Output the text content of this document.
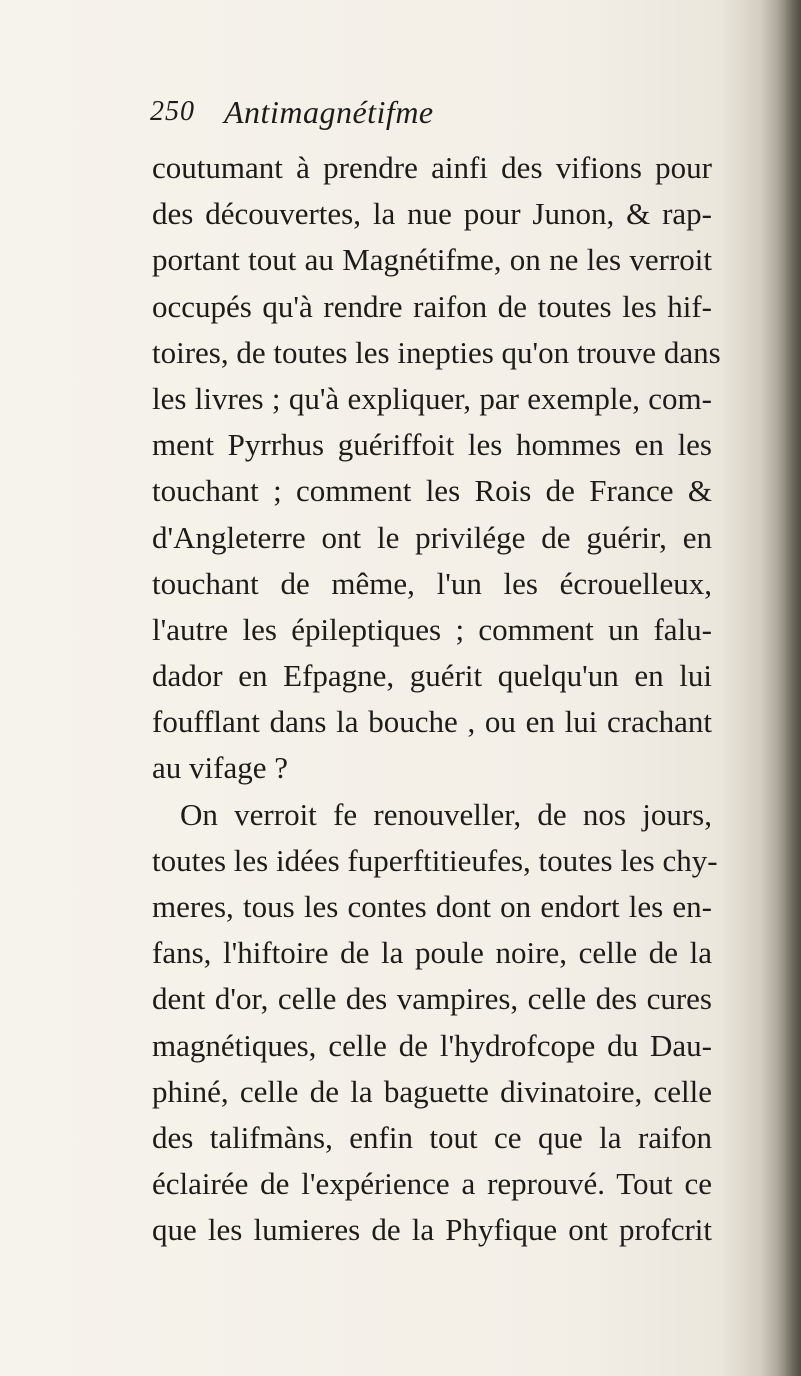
250 Antimagnétifme
coutumant à prendre ainfi des vifions pour
des découvertes, la nue pour Junon, & rap-
portant tout au Magnétifme, on ne les verroit
occupés qu'à rendre raifon de toutes les hif-
toires, de toutes les inepties qu'on trouve dans
les livres ; qu'à expliquer, par exemple, com-
ment Pyrrhus guériffoit les hommes en les
touchant ; comment les Rois de France &
d'Angleterre ont le privilége de guérir, en
touchant de même, l'un les écrouelleux,
l'autre les épileptiques ; comment un falu-
dador en Efpagne, guérit quelqu'un en lui
foufflant dans la bouche , ou en lui crachant
au vifage ?
On verroit fe renouveller, de nos jours,
toutes les idées fuperftitieufes, toutes les chy-
meres, tous les contes dont on endort les en-
fans, l'hiftoire de la poule noire, celle de la
dent d'or, celle des vampires, celle des cures
magnétiques, celle de l'hydrofcope du Dau-
phiné, celle de la baguette divinatoire, celle
des talifmàns, enfin tout ce que la raifon
éclairée de l'expérience a reprouvé. Tout ce
que les lumieres de la Phyfique ont profcrit
